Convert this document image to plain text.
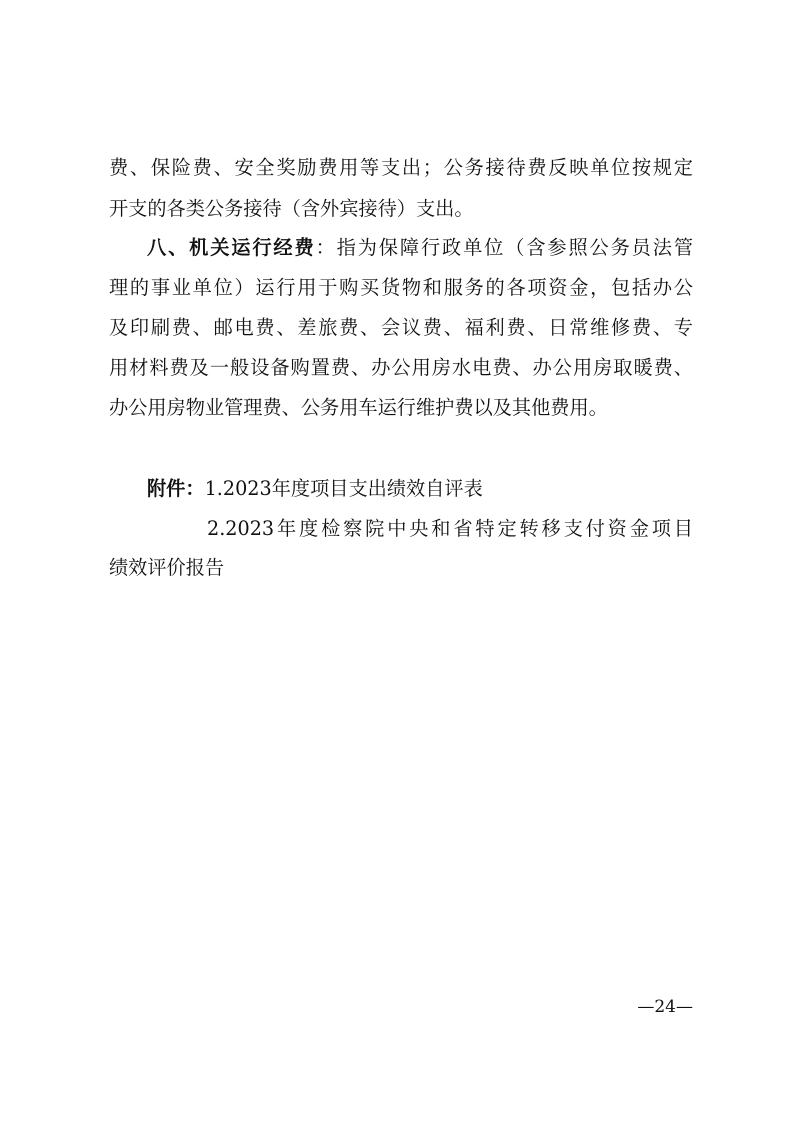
费、保险费、安全奖励费用等支出；公务接待费反映单位按规定
开支的各类公务接待（含外宾接待）支出。
八、机关运行经费：指为保障行政单位（含参照公务员法管
理的事业单位）运行用于购买货物和服务的各项资金，包括办公
及印刷费、邮电费、差旅费、会议费、福利费、日常维修费、专
用材料费及一般设备购置费、办公用房水电费、办公用房取暖费、
办公用房物业管理费、公务用车运行维护费以及其他费用。
附件：1.2023年度项目支出绩效自评表
2.2023年度检察院中央和省特定转移支付资金项目
绩效评价报告
—24—
